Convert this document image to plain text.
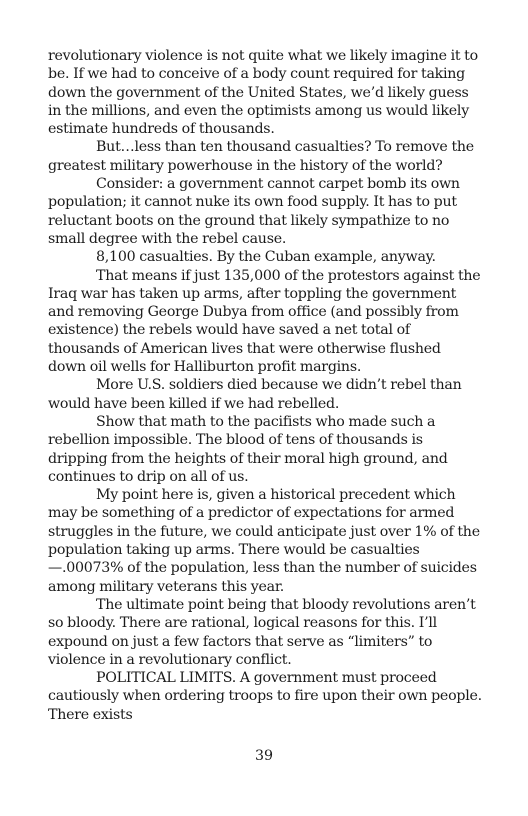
revolutionary violence is not quite what we likely imagine it to be. If we had to conceive of a body count required for taking down the government of the United States, we’d likely guess in the millions, and even the optimists among us would likely estimate hundreds of thousands.

But…less than ten thousand casualties? To remove the greatest military powerhouse in the history of the world?

Consider: a government cannot carpet bomb its own population; it cannot nuke its own food supply. It has to put reluctant boots on the ground that likely sympathize to no small degree with the rebel cause.

8,100 casualties. By the Cuban example, anyway.

That means if just 135,000 of the protestors against the Iraq war has taken up arms, after toppling the government and removing George Dubya from office (and possibly from existence) the rebels would have saved a net total of thousands of American lives that were otherwise flushed down oil wells for Halliburton profit margins.

More U.S. soldiers died because we didn’t rebel than would have been killed if we had rebelled.

Show that math to the pacifists who made such a rebellion impossible. The blood of tens of thousands is dripping from the heights of their moral high ground, and continues to drip on all of us.

My point here is, given a historical precedent which may be something of a predictor of expectations for armed struggles in the future, we could anticipate just over 1% of the population taking up arms. There would be casualties—.00073% of the population, less than the number of suicides among military veterans this year.

The ultimate point being that bloody revolutions aren’t so bloody. There are rational, logical reasons for this. I’ll expound on just a few factors that serve as “limiters” to violence in a revolutionary conflict.

POLITICAL LIMITS. A government must proceed cautiously when ordering troops to fire upon their own people. There exists

39
